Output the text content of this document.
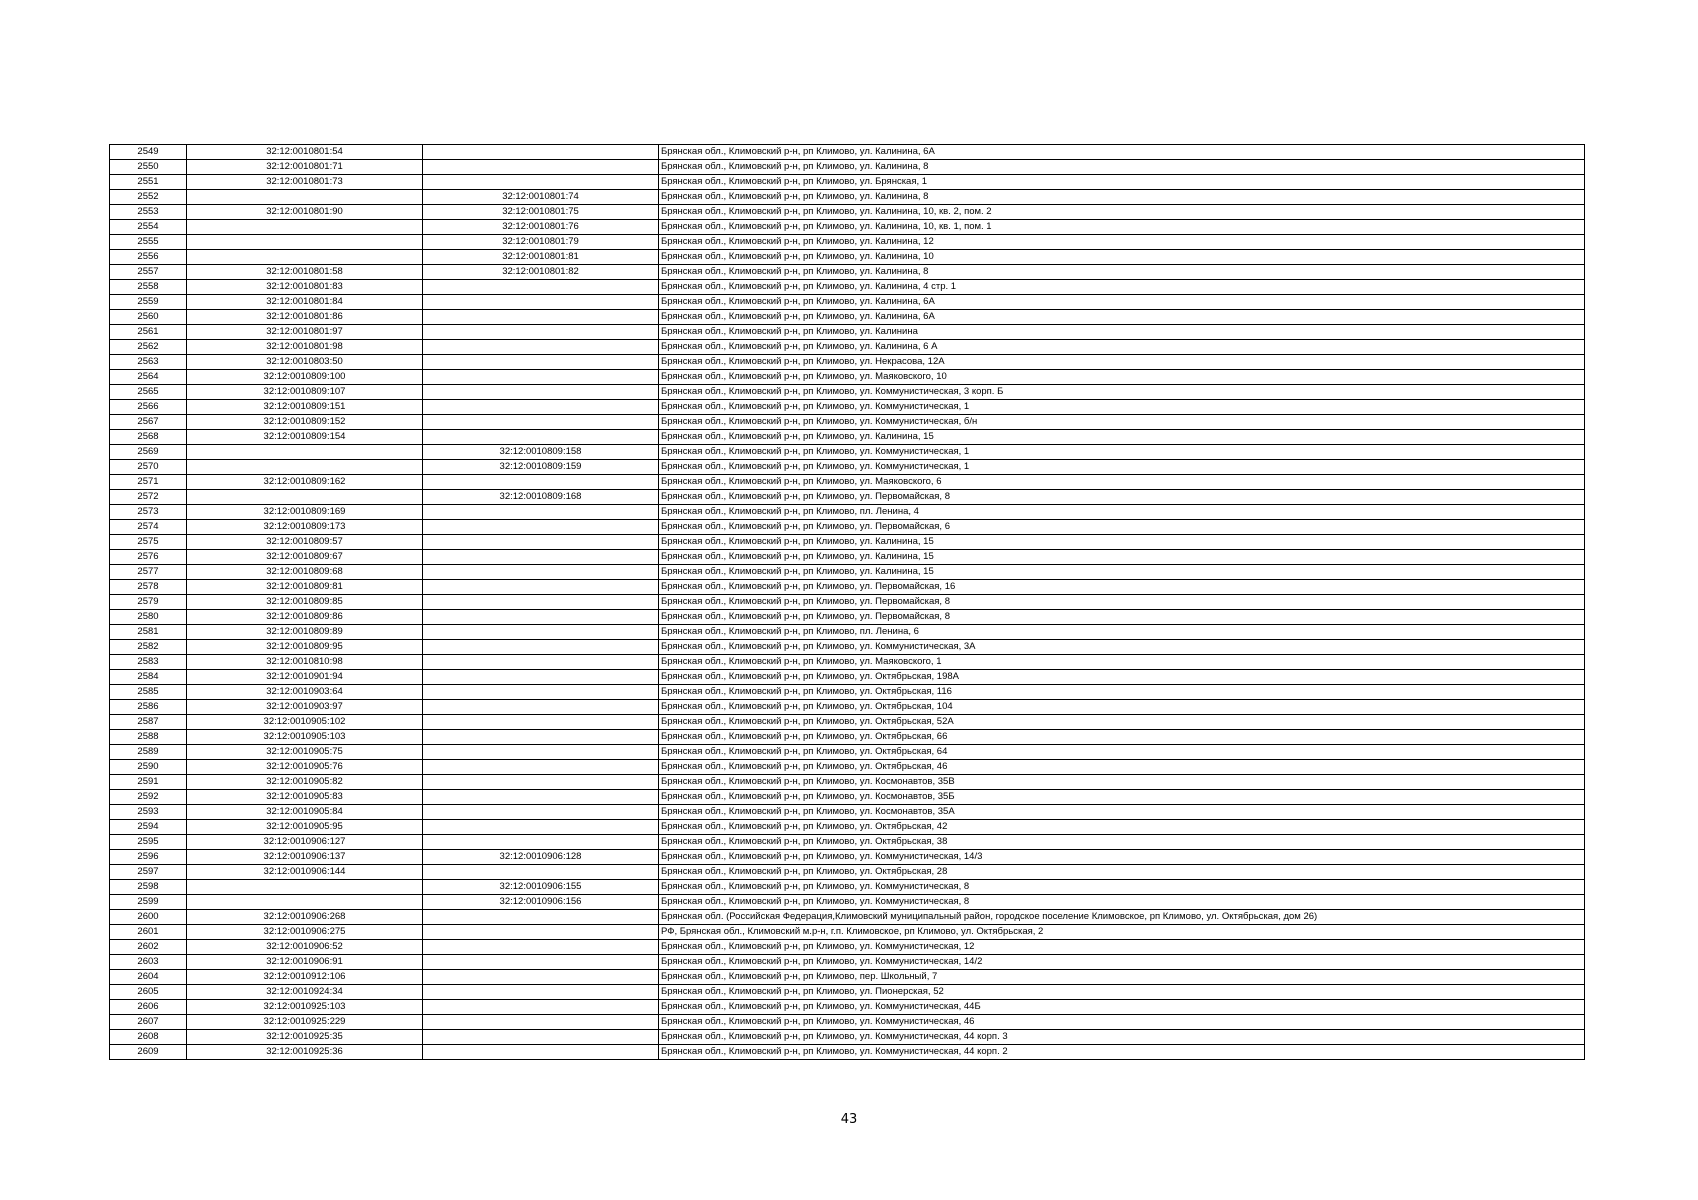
2549	32:12:0010801:54		Брянская обл., Климовский р-н, рп Климово, ул. Калинина, 6А
2550	32:12:0010801:71		Брянская обл., Климовский р-н, рп Климово, ул. Калинина, 8
2551	32:12:0010801:73		Брянская обл., Климовский р-н, рп Климово, ул. Брянская, 1
2552		32:12:0010801:74	Брянская обл., Климовский р-н, рп Климово, ул. Калинина, 8
2553	32:12:0010801:90	32:12:0010801:75	Брянская обл., Климовский р-н, рп Климово, ул. Калинина, 10, кв. 2, пом. 2
2554		32:12:0010801:76	Брянская обл., Климовский р-н, рп Климово, ул. Калинина, 10, кв. 1, пом. 1
2555		32:12:0010801:79	Брянская обл., Климовский р-н, рп Климово, ул. Калинина, 12
2556		32:12:0010801:81	Брянская обл., Климовский р-н, рп Климово, ул. Калинина, 10
2557	32:12:0010801:58	32:12:0010801:82	Брянская обл., Климовский р-н, рп Климово, ул. Калинина, 8
2558	32:12:0010801:83		Брянская обл., Климовский р-н, рп Климово, ул. Калинина, 4 стр. 1
2559	32:12:0010801:84		Брянская обл., Климовский р-н, рп Климово, ул. Калинина, 6А
2560	32:12:0010801:86		Брянская обл., Климовский р-н, рп Климово, ул. Калинина, 6А
2561	32:12:0010801:97		Брянская обл., Климовский р-н, рп Климово, ул. Калинина
2562	32:12:0010801:98		Брянская обл., Климовский р-н, рп Климово, ул. Калинина, 6 А
2563	32:12:0010803:50		Брянская обл., Климовский р-н, рп Климово, ул. Некрасова, 12А
2564	32:12:0010809:100		Брянская обл., Климовский р-н, рп Климово, ул. Маяковского, 10
2565	32:12:0010809:107		Брянская обл., Климовский р-н, рп Климово, ул. Коммунистическая, 3 корп. Б
2566	32:12:0010809:151		Брянская обл., Климовский р-н, рп Климово, ул. Коммунистическая, 1
2567	32:12:0010809:152		Брянская обл., Климовский р-н, рп Климово, ул. Коммунистическая, б/н
2568	32:12:0010809:154		Брянская обл., Климовский р-н, рп Климово, ул. Калинина, 15
2569		32:12:0010809:158	Брянская обл., Климовский р-н, рп Климово, ул. Коммунистическая, 1
2570		32:12:0010809:159	Брянская обл., Климовский р-н, рп Климово, ул. Коммунистическая, 1
2571	32:12:0010809:162		Брянская обл., Климовский р-н, рп Климово, ул. Маяковского, 6
2572		32:12:0010809:168	Брянская обл., Климовский р-н, рп Климово, ул. Первомайская, 8
2573	32:12:0010809:169		Брянская обл., Климовский р-н, рп Климово, пл. Ленина, 4
2574	32:12:0010809:173		Брянская обл., Климовский р-н, рп Климово, ул. Первомайская, 6
2575	32:12:0010809:57		Брянская обл., Климовский р-н, рп Климово, ул. Калинина, 15
2576	32:12:0010809:67		Брянская обл., Климовский р-н, рп Климово, ул. Калинина, 15
2577	32:12:0010809:68		Брянская обл., Климовский р-н, рп Климово, ул. Калинина, 15
2578	32:12:0010809:81		Брянская обл., Климовский р-н, рп Климово, ул. Первомайская, 16
2579	32:12:0010809:85		Брянская обл., Климовский р-н, рп Климово, ул. Первомайская, 8
2580	32:12:0010809:86		Брянская обл., Климовский р-н, рп Климово, ул. Первомайская, 8
2581	32:12:0010809:89		Брянская обл., Климовский р-н, рп Климово, пл. Ленина, 6
2582	32:12:0010809:95		Брянская обл., Климовский р-н, рп Климово, ул. Коммунистическая, 3А
2583	32:12:0010810:98		Брянская обл., Климовский р-н, рп Климово, ул. Маяковского, 1
2584	32:12:0010901:94		Брянская обл., Климовский р-н, рп Климово, ул. Октябрьская, 198А
2585	32:12:0010903:64		Брянская обл., Климовский р-н, рп Климово, ул. Октябрьская, 116
2586	32:12:0010903:97		Брянская обл., Климовский р-н, рп Климово, ул. Октябрьская, 104
2587	32:12:0010905:102		Брянская обл., Климовский р-н, рп Климово, ул. Октябрьская, 52А
2588	32:12:0010905:103		Брянская обл., Климовский р-н, рп Климово, ул. Октябрьская, 66
2589	32:12:0010905:75		Брянская обл., Климовский р-н, рп Климово, ул. Октябрьская, 64
2590	32:12:0010905:76		Брянская обл., Климовский р-н, рп Климово, ул. Октябрьская, 46
2591	32:12:0010905:82		Брянская обл., Климовский р-н, рп Климово, ул. Космонавтов, 35В
2592	32:12:0010905:83		Брянская обл., Климовский р-н, рп Климово, ул. Космонавтов, 35Б
2593	32:12:0010905:84		Брянская обл., Климовский р-н, рп Климово, ул. Космонавтов, 35А
2594	32:12:0010905:95		Брянская обл., Климовский р-н, рп Климово, ул. Октябрьская, 42
2595	32:12:0010906:127		Брянская обл., Климовский р-н, рп Климово, ул. Октябрьская, 38
2596	32:12:0010906:137	32:12:0010906:128	Брянская обл., Климовский р-н, рп Климово, ул. Коммунистическая, 14/3
2597	32:12:0010906:144		Брянская обл., Климовский р-н, рп Климово, ул. Октябрьская, 28
2598		32:12:0010906:155	Брянская обл., Климовский р-н, рп Климово, ул. Коммунистическая, 8
2599		32:12:0010906:156	Брянская обл., Климовский р-н, рп Климово, ул. Коммунистическая, 8
2600	32:12:0010906:268		Брянская обл. (Российская Федерация,Климовский муниципальный район, городское поселение Климовское, рп Климово, ул. Октябрьская, дом 26)
2601	32:12:0010906:275		РФ, Брянская обл., Климовский м.р-н, г.п. Климовское, рп Климово, ул. Октябрьская, 2
2602	32:12:0010906:52		Брянская обл., Климовский р-н, рп Климово, ул. Коммунистическая, 12
2603	32:12:0010906:91		Брянская обл., Климовский р-н, рп Климово, ул. Коммунистическая, 14/2
2604	32:12:0010912:106		Брянская обл., Климовский р-н, рп Климово, пер. Школьный, 7
2605	32:12:0010924:34		Брянская обл., Климовский р-н, рп Климово, ул. Пионерская, 52
2606	32:12:0010925:103		Брянская обл., Климовский р-н, рп Климово, ул. Коммунистическая, 44Б
2607	32:12:0010925:229		Брянская обл., Климовский р-н, рп Климово, ул. Коммунистическая, 46
2608	32:12:0010925:35		Брянская обл., Климовский р-н, рп Климово, ул. Коммунистическая, 44 корп. 3
2609	32:12:0010925:36		Брянская обл., Климовский р-н, рп Климово, ул. Коммунистическая, 44 корп. 2
43
